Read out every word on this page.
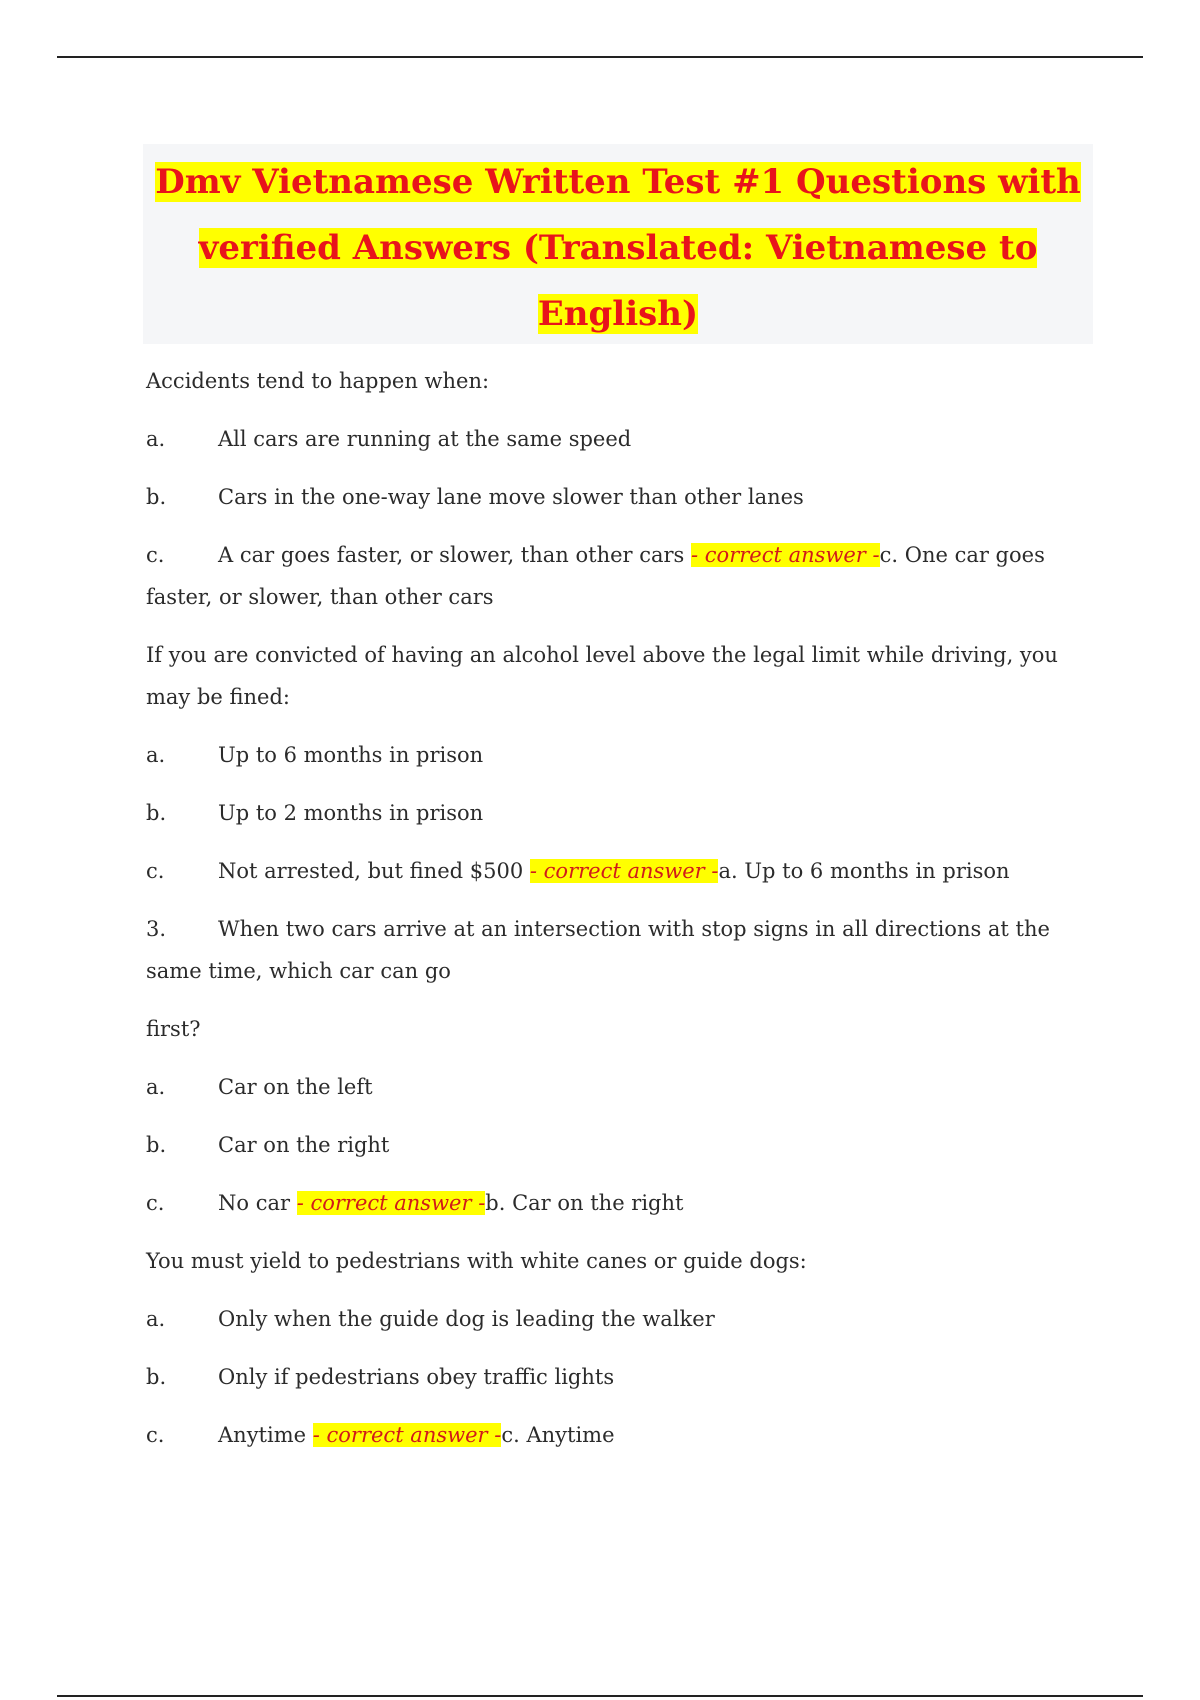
Dmv Vietnamese Written Test #1 Questions with
verified Answers (Translated: Vietnamese to
English)

Accidents tend to happen when:

a.	All cars are running at the same speed
b.	Cars in the one-way lane move slower than other lanes

c.	A car goes faster, or slower, than other cars - correct answer -c. One car goes faster, or slower, than other cars

If you are convicted of having an alcohol level above the legal limit while driving, you may be fined:

a.	Up to 6 months in prison
b.	Up to 2 months in prison

c.	Not arrested, but fined $500 - correct answer -a. Up to 6 months in prison

3. When two cars arrive at an intersection with stop signs in all directions at the same time, which car can go

first?

a.	Car on the left
b.	Car on the right

c.	No car - correct answer -b. Car on the right

You must yield to pedestrians with white canes or guide dogs:

a.	Only when the guide dog is leading the walker
b.	Only if pedestrians obey traffic lights

c.	Anytime - correct answer -c. Anytime
